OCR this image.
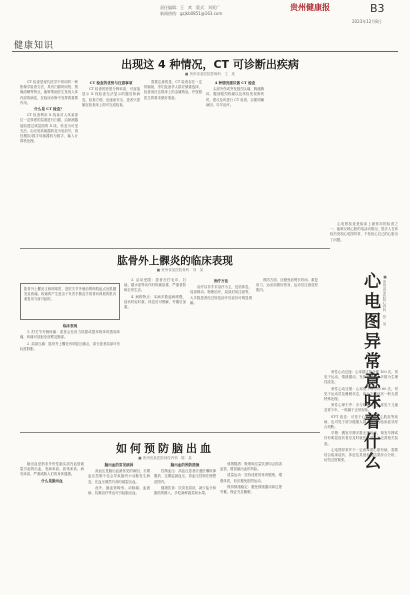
责任编辑：王　欢　版式：刘延广
新闻热线：gzjkb0851@163.com
贵州健康报	B3
2023年12月8日
健康知识
出现这 4 种情况，CT 可诊断出疾病
■ 贵州省某医院影像科　王　某

CT 检查是现代医学中常用的一种影像学检查方法，具有扫描时间短、图像清晰等特点，能够帮助医生发现人体内部的病变，在临床诊断中发挥着重要作用。

什么是 CT 检查？

CT 检查利用 X 线束对人体某部位一定厚度的层面进行扫描，由探测器接收透过该层面的 X 线，转变为可见光后，由光电转换器转变为电信号，再经模拟/数字转换器转为数字，输入计算机处理。

CT 检查的优势与注意事项

CT 检查的密度分辨率高，可直接显示 X 线检查无法显示的器官和病变，检查方便、迅速而安全，患者只需躺在检查床上即可完成检查。

需要注意的是，CT 检查存在一定的辐射，孕妇及备孕人群应慎重选择，检查前应去除身上的金属物品，并按照医生的要求做好准备。

4 种情况建议做 CT 检查

头部外伤或突发剧烈头痛、胸痛胸闷、腹部剧烈疼痛以及体检发现肿块时，建议及时进行 CT 检查，以便明确病因、尽早治疗。

肱骨外上髁炎的临床表现
■ 贵州省某医院骨科　刘　某
肱骨外上髁炎又称网球肘，是肘关节外侧前臂伸肌起点处肌腱发炎疼痛。疼痛的产生是由于负责手腕及手指背向伸展的肌肉重复用力而引起的。
临床表现

1. 肘关节外侧疼痛：患者会在用力抓握或提举物体时感到疼痛，疼痛可放射至前臂及腕部。

2. 局部压痛：肱骨外上髁处有明显压痛点，部分患者局部可有轻度肿胀。

3. 活动受限：患者在拧毛巾、扫地、端水壶等动作时疼痛加重，严重者影响日常生活。

4. 病程特点：本病多数起病缓慢，症状时轻时重，休息后可缓解，劳累后加重。

治疗方法

治疗以非手术治疗为主，包括休息、局部制动、物理治疗、局部封闭注射等，大多数患者经过规范治疗后症状可明显缓解。

预防方面，应避免前臂长时间、重复用力，运动前做好热身，运动后注意放松肌肉。	心电图异常意味着什么 ■ 贵州省某医院心内科　张　某

心电图检查是临床上最常用的检查之一，能够反映心脏的电活动情况。很多人在体检后发现心电图异常，不免担心自己的心脏出了问题。

窦性心动过速：心率超过每分钟 100 次，常见于运动、情绪激动、发热等情况，多数为生理性改变。

窦性心动过缓：心率低于每分钟 60 次，常见于运动员及睡眠状态，如无不适症状一般无需特殊处理。

窦性心律不齐：多与呼吸有关，常见于儿童及青少年，一般属于正常现象。

ST-T 改变：可见于心肌缺血、心肌炎等疾病，也可见于部分健康人群，需结合临床症状综合判断。

早搏：偶发早搏多数无需治疗，频发早搏或伴有明显症状者应及时就医，进一步完善相关检查。

心电图异常并不一定意味着心脏有病，需要结合临床症状、体征及其他检查结果综合分析，切勿过度紧张。

如何预防脑出血
■ 贵州省某医院神经内科　陈　某

脑出血是指非外伤性脑实质内血管破裂引起的出血，发病率高、致残率高、病死率高，严重威胁人们的身体健康。

什么是脑出血
脑出血的常见病因

高血压是脑出血最常见的病因，长期血压控制不佳会导致脑内小动脉发生病变，在血压骤然升高时破裂出血。

此外，脑血管畸形、动脉瘤、血液病、抗凝治疗等也可引起脑出血。

脑出血的预防措施

控制血压：高血压患者应遵医嘱规律服药，定期监测血压，将血压控制在理想范围内。

健康饮食：饮食宜清淡，减少盐分和脂肪的摄入，多吃新鲜蔬菜和水果。

戒烟限酒：吸烟和过量饮酒均会损害血管，增加脑出血的风险。

适量运动：坚持适度的体育锻炼，增强体质，但应避免剧烈运动。

保持情绪稳定：避免情绪激动和过度劳累，保证充足睡眠。
